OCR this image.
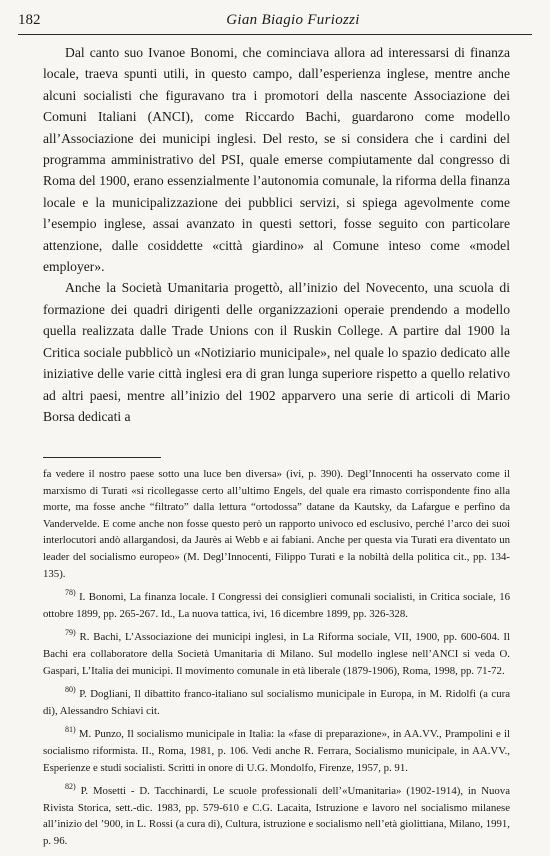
182	Gian Biagio Furiozzi

Dal canto suo Ivanoe Bonomi, che cominciava allora ad interessarsi di finanza locale, traeva spunti utili, in questo campo, dall’esperienza inglese, mentre anche alcuni socialisti che figuravano tra i promotori della nascente Associazione dei Comuni Italiani (ANCI), come Riccardo Bachi, guardarono come modello all’Associazione dei municipi inglesi. Del resto, se si considera che i cardini del programma amministrativo del PSI, quale emerse compiutamente dal congresso di Roma del 1900, erano essenzialmente l’autonomia comunale, la riforma della finanza locale e la municipalizzazione dei pubblici servizi, si spiega agevolmente come l’esempio inglese, assai avanzato in questi settori, fosse seguito con particolare attenzione, dalle cosiddette «città giardino» al Comune inteso come «model employer».

Anche la Società Umanitaria progettò, all’inizio del Novecento, una scuola di formazione dei quadri dirigenti delle organizzazioni operaie prendendo a modello quella realizzata dalle Trade Unions con il Ruskin College. A partire dal 1900 la Critica sociale pubblicò un «Notiziario municipale», nel quale lo spazio dedicato alle iniziative delle varie città inglesi era di gran lunga superiore rispetto a quello relativo ad altri paesi, mentre all’inizio del 1902 apparvero una serie di articoli di Mario Borsa dedicati a

fa vedere il nostro paese sotto una luce ben diversa» (ivi, p. 390). Degl’Innocenti ha osservato come il marxismo di Turati «si ricollegasse certo all’ultimo Engels, del quale era rimasto corrispondente fino alla morte, ma fosse anche “filtrato” dalla lettura “ortodossa” datane da Kautsky, da Lafargue e perfino da Vandervelde. E come anche non fosse questo però un rapporto univoco ed esclusivo, perché l’arco dei suoi interlocutori andò allargandosi, da Jaurès ai Webb e ai fabiani. Anche per questa via Turati era diventato un leader del socialismo europeo» (M. Degl’Innocenti, Filippo Turati e la nobiltà della politica cit., pp. 134-135).

$^{78)}$ I. Bonomi, La finanza locale. I Congressi dei consiglieri comunali socialisti, in Critica sociale, 16 ottobre 1899, pp. 265-267. Id., La nuova tattica, ivi, 16 dicembre 1899, pp. 326-328.

$^{79)}$ R. Bachi, L’Associazione dei municipi inglesi, in La Riforma sociale, VII, 1900, pp. 600-604. Il Bachi era collaboratore della Società Umanitaria di Milano. Sul modello inglese nell’ANCI si veda O. Gaspari, L’Italia dei municipi. Il movimento comunale in età liberale (1879-1906), Roma, 1998, pp. 71-72.

$^{80)}$ P. Dogliani, Il dibattito franco-italiano sul socialismo municipale in Europa, in M. Ridolfi (a cura di), Alessandro Schiavi cit.

$^{81)}$ M. Punzo, Il socialismo municipale in Italia: la «fase di preparazione», in AA.VV., Prampolini e il socialismo riformista. II., Roma, 1981, p. 106. Vedi anche R. Ferrara, Socialismo municipale, in AA.VV., Esperienze e studi socialisti. Scritti in onore di U.G. Mondolfo, Firenze, 1957, p. 91.

$^{82)}$ P. Mosetti - D. Tacchinardi, Le scuole professionali dell’«Umanitaria» (1902-1914), in Nuova Rivista Storica, sett.-dic. 1983, pp. 579-610 e C.G. Lacaita, Istruzione e lavoro nel socialismo milanese all’inizio del ’900, in L. Rossi (a cura di), Cultura, istruzione e socialismo nell’età giolittiana, Milano, 1991, p. 96.
